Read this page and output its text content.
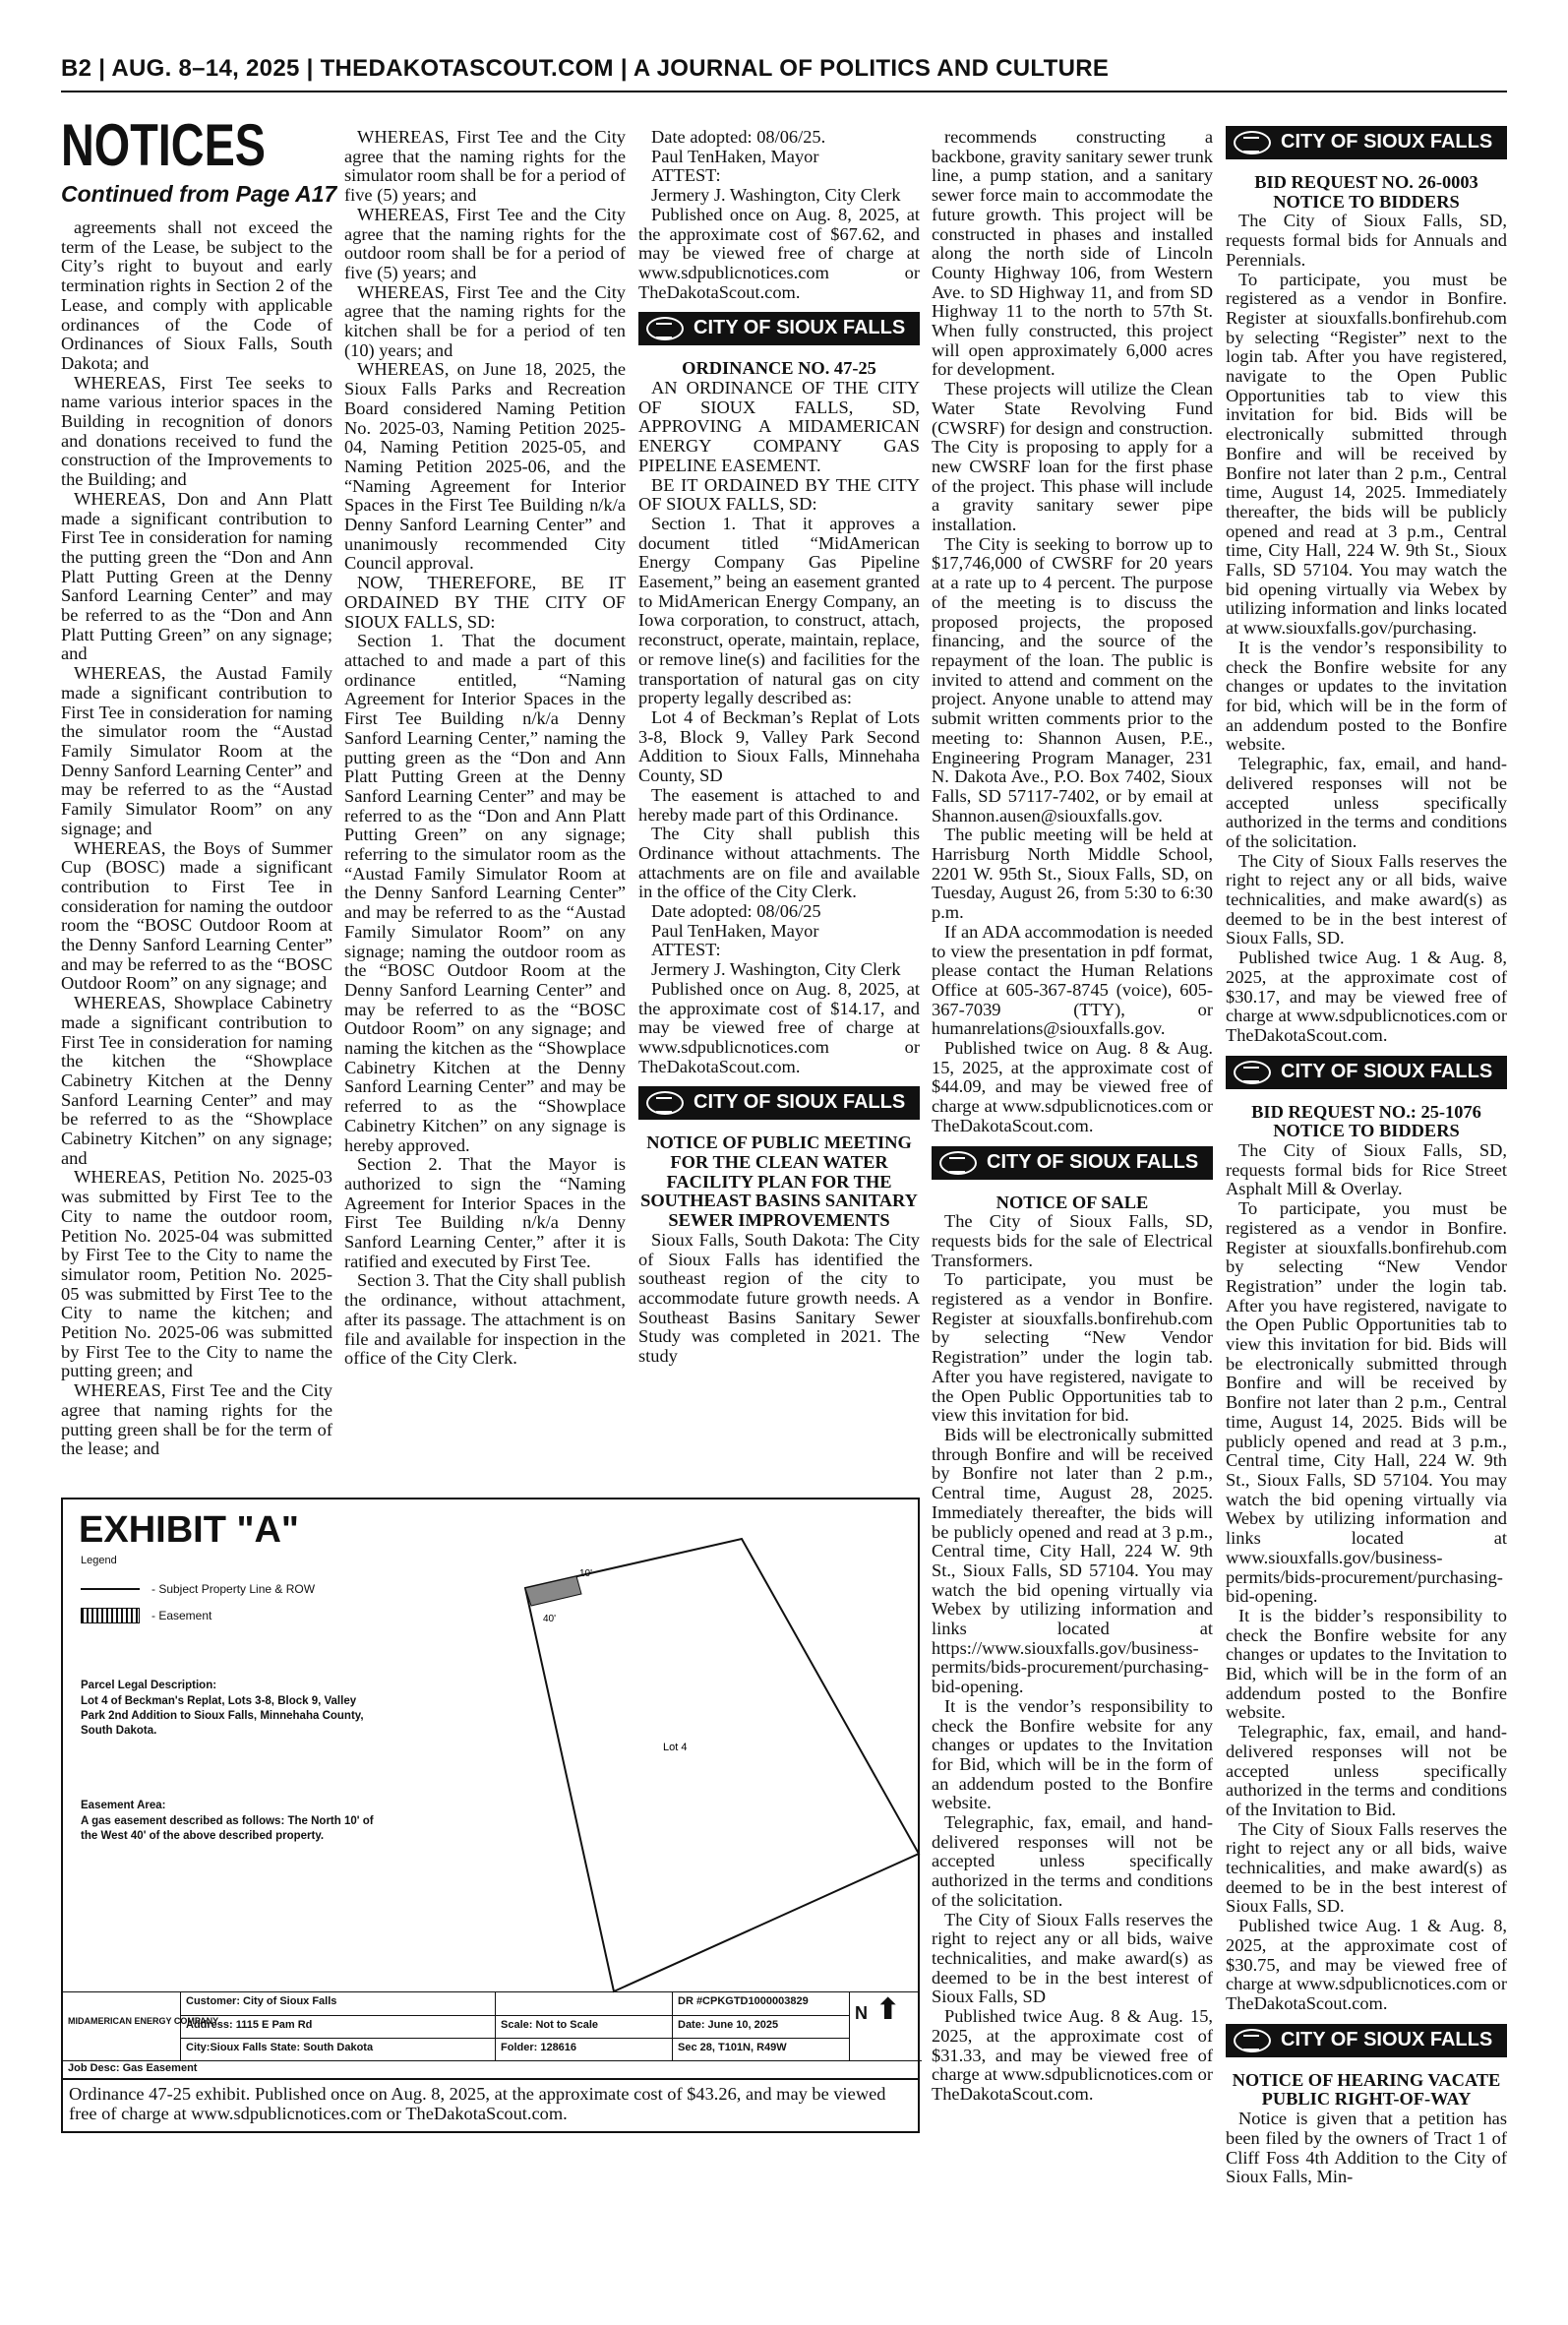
B2 | AUG. 8–14, 2025 | THEDAKOTASCOUT.COM | A JOURNAL OF POLITICS AND CULTURE
NOTICES
Continued from Page A17

agreements shall not exceed the term of the Lease, be subject to the City’s right to buyout and early termination rights in Section 2 of the Lease, and comply with applicable ordinances of the Code of Ordinances of Sioux Falls, South Dakota; and

WHEREAS, First Tee seeks to name various interior spaces in the Building in recognition of donors and donations received to fund the construction of the Improvements to the Building; and

WHEREAS, Don and Ann Platt made a significant contribution to First Tee in consideration for naming the putting green the “Don and Ann Platt Putting Green at the Denny Sanford Learning Center” and may be referred to as the “Don and Ann Platt Putting Green” on any signage; and

WHEREAS, the Austad Family made a significant contribution to First Tee in consideration for naming the simulator room the “Austad Family Simulator Room at the Denny Sanford Learning Center” and may be referred to as the “Austad Family Simulator Room” on any signage; and

WHEREAS, the Boys of Summer Cup (BOSC) made a significant contribution to First Tee in consideration for naming the outdoor room the “BOSC Outdoor Room at the Denny Sanford Learning Center” and may be referred to as the “BOSC Outdoor Room” on any signage; and

WHEREAS, Showplace Cabinetry made a significant contribution to First Tee in consideration for naming the kitchen the “Showplace Cabinetry Kitchen at the Denny Sanford Learning Center” and may be referred to as the “Showplace Cabinetry Kitchen” on any signage; and

WHEREAS, Petition No. 2025-03 was submitted by First Tee to the City to name the outdoor room, Petition No. 2025-04 was submitted by First Tee to the City to name the simulator room, Petition No. 2025-05 was submitted by First Tee to the City to name the kitchen; and Petition No. 2025-06 was submitted by First Tee to the City to name the putting green; and

WHEREAS, First Tee and the City agree that naming rights for the putting green shall be for the term of the lease; and

WHEREAS, First Tee and the City agree that the naming rights for the simulator room shall be for a period of five (5) years; and

WHEREAS, First Tee and the City agree that the naming rights for the outdoor room shall be for a period of five (5) years; and

WHEREAS, First Tee and the City agree that the naming rights for the kitchen shall be for a period of ten (10) years; and

WHEREAS, on June 18, 2025, the Sioux Falls Parks and Recreation Board considered Naming Petition No. 2025-03, Naming Petition 2025-04, Naming Petition 2025-05, and Naming Petition 2025-06, and the “Naming Agreement for Interior Spaces in the First Tee Building n/k/a Denny Sanford Learning Center” and unanimously recommended City Council approval.

NOW, THEREFORE, BE IT ORDAINED BY THE CITY OF SIOUX FALLS, SD:

Section 1. That the document attached to and made a part of this ordinance entitled, “Naming Agreement for Interior Spaces in the First Tee Building n/k/a Denny Sanford Learning Center,” naming the putting green as the “Don and Ann Platt Putting Green at the Denny Sanford Learning Center” and may be referred to as the “Don and Ann Platt Putting Green” on any signage; referring to the simulator room as the “Austad Family Simulator Room at the Denny Sanford Learning Center” and may be referred to as the “Austad Family Simulator Room” on any signage; naming the outdoor room as the “BOSC Outdoor Room at the Denny Sanford Learning Center” and may be referred to as the “BOSC Outdoor Room” on any signage; and naming the kitchen as the “Showplace Cabinetry Kitchen at the Denny Sanford Learning Center” and may be referred to as the “Showplace Cabinetry Kitchen” on any signage is hereby approved.

Section 2. That the Mayor is authorized to sign the “Naming Agreement for Interior Spaces in the First Tee Building n/k/a Denny Sanford Learning Center,” after it is ratified and executed by First Tee.

Section 3. That the City shall publish the ordinance, without attachment, after its passage. The attachment is on file and available for inspection in the office of the City Clerk.

Date adopted: 08/06/25.

Paul TenHaken, Mayor

ATTEST:

Jermery J. Washington, City Clerk

Published once on Aug. 8, 2025, at the approximate cost of $67.62, and may be viewed free of charge at www.sdpublicnotices.com or TheDakotaScout.com.

CITY OF SIOUX FALLS

ORDINANCE NO. 47-25

AN ORDINANCE OF THE CITY OF SIOUX FALLS, SD, APPROVING A MIDAMERICAN ENERGY COMPANY GAS PIPELINE EASEMENT.

BE IT ORDAINED BY THE CITY OF SIOUX FALLS, SD:

Section 1. That it approves a document titled “MidAmerican Energy Company Gas Pipeline Easement,” being an easement granted to MidAmerican Energy Company, an Iowa corporation, to construct, attach, reconstruct, operate, maintain, replace, or remove line(s) and facilities for the transportation of natural gas on city property legally described as:

Lot 4 of Beckman’s Replat of Lots 3-8, Block 9, Valley Park Second Addition to Sioux Falls, Minnehaha County, SD

The easement is attached to and hereby made part of this Ordinance.

The City shall publish this Ordinance without attachments. The attachments are on file and available in the office of the City Clerk.

Date adopted: 08/06/25

Paul TenHaken, Mayor

ATTEST:

Jermery J. Washington, City Clerk

Published once on Aug. 8, 2025, at the approximate cost of $14.17, and may be viewed free of charge at www.sdpublicnotices.com or TheDakotaScout.com.

CITY OF SIOUX FALLS

NOTICE OF PUBLIC MEETING FOR THE CLEAN WATER FACILITY PLAN FOR THE SOUTHEAST BASINS SANITARY SEWER IMPROVEMENTS

Sioux Falls, South Dakota: The City of Sioux Falls has identified the southeast region of the city to accommodate future growth needs. A Southeast Basins Sanitary Sewer Study was completed in 2021. The study

recommends constructing a backbone, gravity sanitary sewer trunk line, a pump station, and a sanitary sewer force main to accommodate the future growth. This project will be constructed in phases and installed along the north side of Lincoln County Highway 106, from Western Ave. to SD Highway 11, and from SD Highway 11 to the north to 57th St. When fully constructed, this project will open approximately 6,000 acres for development.

These projects will utilize the Clean Water State Revolving Fund (CWSRF) for design and construction. The City is proposing to apply for a new CWSRF loan for the first phase of the project. This phase will include a gravity sanitary sewer pipe installation.

The City is seeking to borrow up to $17,746,000 of CWSRF for 20 years at a rate up to 4 percent. The purpose of the meeting is to discuss the proposed projects, the proposed financing, and the source of the repayment of the loan. The public is invited to attend and comment on the project. Anyone unable to attend may submit written comments prior to the meeting to: Shannon Ausen, P.E., Engineering Program Manager, 231 N. Dakota Ave., P.O. Box 7402, Sioux Falls, SD 57117-7402, or by email at Shannon.ausen@siouxfalls.gov.

The public meeting will be held at Harrisburg North Middle School, 2201 W. 95th St., Sioux Falls, SD, on Tuesday, August 26, from 5:30 to 6:30 p.m.

If an ADA accommodation is needed to view the presentation in pdf format, please contact the Human Relations Office at 605-367-8745 (voice), 605-367-7039 (TTY), or humanrelations@siouxfalls.gov.

Published twice on Aug. 8 & Aug. 15, 2025, at the approximate cost of $44.09, and may be viewed free of charge at www.sdpublicnotices.com or TheDakotaScout.com.

CITY OF SIOUX FALLS

NOTICE OF SALE

The City of Sioux Falls, SD, requests bids for the sale of Electrical Transformers.

To participate, you must be registered as a vendor in Bonfire. Register at siouxfalls.bonfirehub.com by selecting “New Vendor Registration” under the login tab. After you have registered, navigate to the Open Public Opportunities tab to view this invitation for bid.

Bids will be electronically submitted through Bonfire and will be received by Bonfire not later than 2 p.m., Central time, August 28, 2025. Immediately thereafter, the bids will be publicly opened and read at 3 p.m., Central time, City Hall, 224 W. 9th St., Sioux Falls, SD 57104. You may watch the bid opening virtually via Webex by utilizing information and links located at https://www.siouxfalls.gov/business-permits/bids-procurement/purchasing-bid-opening.

It is the vendor’s responsibility to check the Bonfire website for any changes or updates to the Invitation for Bid, which will be in the form of an addendum posted to the Bonfire website.

Telegraphic, fax, email, and hand-delivered responses will not be accepted unless specifically authorized in the terms and conditions of the solicitation.

The City of Sioux Falls reserves the right to reject any or all bids, waive technicalities, and make award(s) as deemed to be in the best interest of Sioux Falls, SD

Published twice Aug. 8 & Aug. 15, 2025, at the approximate cost of $31.33, and may be viewed free of charge at www.sdpublicnotices.com or TheDakotaScout.com.

CITY OF SIOUX FALLS

BID REQUEST NO. 26-0003 NOTICE TO BIDDERS

The City of Sioux Falls, SD, requests formal bids for Annuals and Perennials.

To participate, you must be registered as a vendor in Bonfire. Register at siouxfalls.bonfirehub.com by selecting “Register” next to the login tab. After you have registered, navigate to the Open Public Opportunities tab to view this invitation for bid. Bids will be electronically submitted through Bonfire and will be received by Bonfire not later than 2 p.m., Central time, August 14, 2025. Immediately thereafter, the bids will be publicly opened and read at 3 p.m., Central time, City Hall, 224 W. 9th St., Sioux Falls, SD 57104. You may watch the bid opening virtually via Webex by utilizing information and links located at www.siouxfalls.gov/purchasing.

It is the vendor’s responsibility to check the Bonfire website for any changes or updates to the invitation for bid, which will be in the form of an addendum posted to the Bonfire website.

Telegraphic, fax, email, and hand-delivered responses will not be accepted unless specifically authorized in the terms and conditions of the solicitation.

The City of Sioux Falls reserves the right to reject any or all bids, waive technicalities, and make award(s) as deemed to be in the best interest of Sioux Falls, SD.

Published twice Aug. 1 & Aug. 8, 2025, at the approximate cost of $30.17, and may be viewed free of charge at www.sdpublicnotices.com or TheDakotaScout.com.

CITY OF SIOUX FALLS

BID REQUEST NO.: 25-1076 NOTICE TO BIDDERS

The City of Sioux Falls, SD, requests formal bids for Rice Street Asphalt Mill & Overlay.

To participate, you must be registered as a vendor in Bonfire. Register at siouxfalls.bonfirehub.com by selecting “New Vendor Registration” under the login tab. After you have registered, navigate to the Open Public Opportunities tab to view this invitation for bid. Bids will be electronically submitted through Bonfire and will be received by Bonfire not later than 2 p.m., Central time, August 14, 2025. Bids will be publicly opened and read at 3 p.m., Central time, City Hall, 224 W. 9th St., Sioux Falls, SD 57104. You may watch the bid opening virtually via Webex by utilizing information and links located at www.siouxfalls.gov/business-permits/bids-procurement/purchasing-bid-opening.

It is the bidder’s responsibility to check the Bonfire website for any changes or updates to the Invitation to Bid, which will be in the form of an addendum posted to the Bonfire website.

Telegraphic, fax, email, and hand-delivered responses will not be accepted unless specifically authorized in the terms and conditions of the Invitation to Bid.

The City of Sioux Falls reserves the right to reject any or all bids, waive technicalities, and make award(s) as deemed to be in the best interest of Sioux Falls, SD.

Published twice Aug. 1 & Aug. 8, 2025, at the approximate cost of $30.75, and may be viewed free of charge at www.sdpublicnotices.com or TheDakotaScout.com.

CITY OF SIOUX FALLS

NOTICE OF HEARING VACATE PUBLIC RIGHT-OF-WAY

Notice is given that a petition has been filed by the owners of Tract 1 of Cliff Foss 4th Addition to the City of Sioux Falls, Min-

EXHIBIT "A"
Legend
- Subject Property Line & ROW
- Easement
Parcel Legal Description:
Lot 4 of Beckman's Replat, Lots 3-8, Block 9, Valley Park 2nd Addition to Sioux Falls, Minnehaha County, South Dakota.
Easement Area:
A gas easement described as follows: The North 10' of the West 40' of the above described property.
Lot 4
10'
40'
MIDAMERICAN ENERGY COMPANY
Customer: City of Sioux Falls
Address: 1115 E Pam Rd
City:Sioux Falls State: South Dakota
Scale: Not to Scale
Folder: 128616
DR #CPKGTD1000003829
Date: June 10, 2025
Sec 28, T101N, R49W
N ⬆
Job Desc: Gas Easement
Ordinance 47-25 exhibit. Published once on Aug. 8, 2025, at the approximate cost of $43.26, and may be viewed free of charge at www.sdpublicnotices.com or TheDakotaScout.com.
